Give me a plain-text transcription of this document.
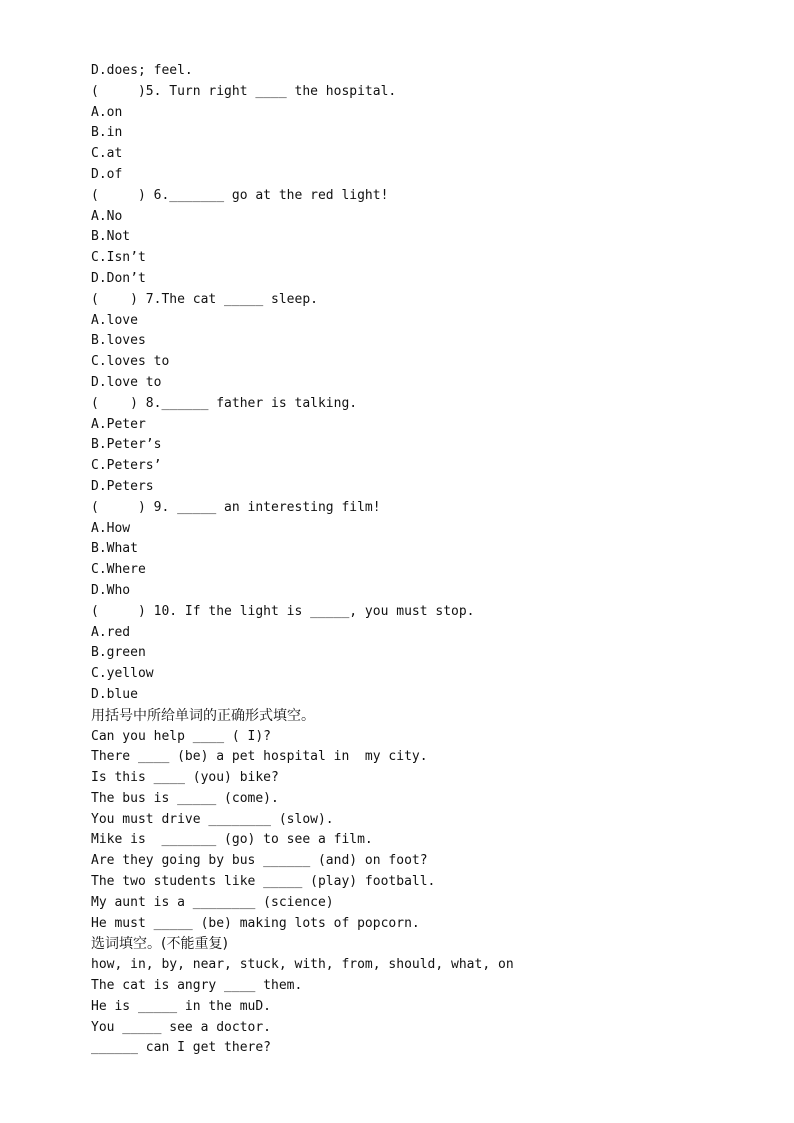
D.does; feel.
(     )5. Turn right ____ the hospital.
A.on
B.in
C.at
D.of
(     ) 6._______ go at the red light!
A.No
B.Not
C.Isn’t
D.Don’t
(    ) 7.The cat _____ sleep.
A.love
B.loves
C.loves to
D.love to
(    ) 8.______ father is talking.
A.Peter
B.Peter’s
C.Peters’
D.Peters
(     ) 9. _____ an interesting film!
A.How
B.What
C.Where
D.Who
(     ) 10. If the light is _____, you must stop.
A.red
B.green
C.yellow
D.blue
用括号中所给单词的正确形式填空。
Can you help ____ ( I)?
There ____ (be) a pet hospital in  my city.
Is this ____ (you) bike?
The bus is _____ (come).
You must drive ________ (slow).
Mike is  _______ (go) to see a film.
Are they going by bus ______ (and) on foot?
The two students like _____ (play) football.
My aunt is a ________ (science)
He must _____ (be) making lots of popcorn.
选词填空。(不能重复)
how, in, by, near, stuck, with, from, should, what, on
The cat is angry ____ them.
He is _____ in the muD.
You _____ see a doctor.
______ can I get there?
